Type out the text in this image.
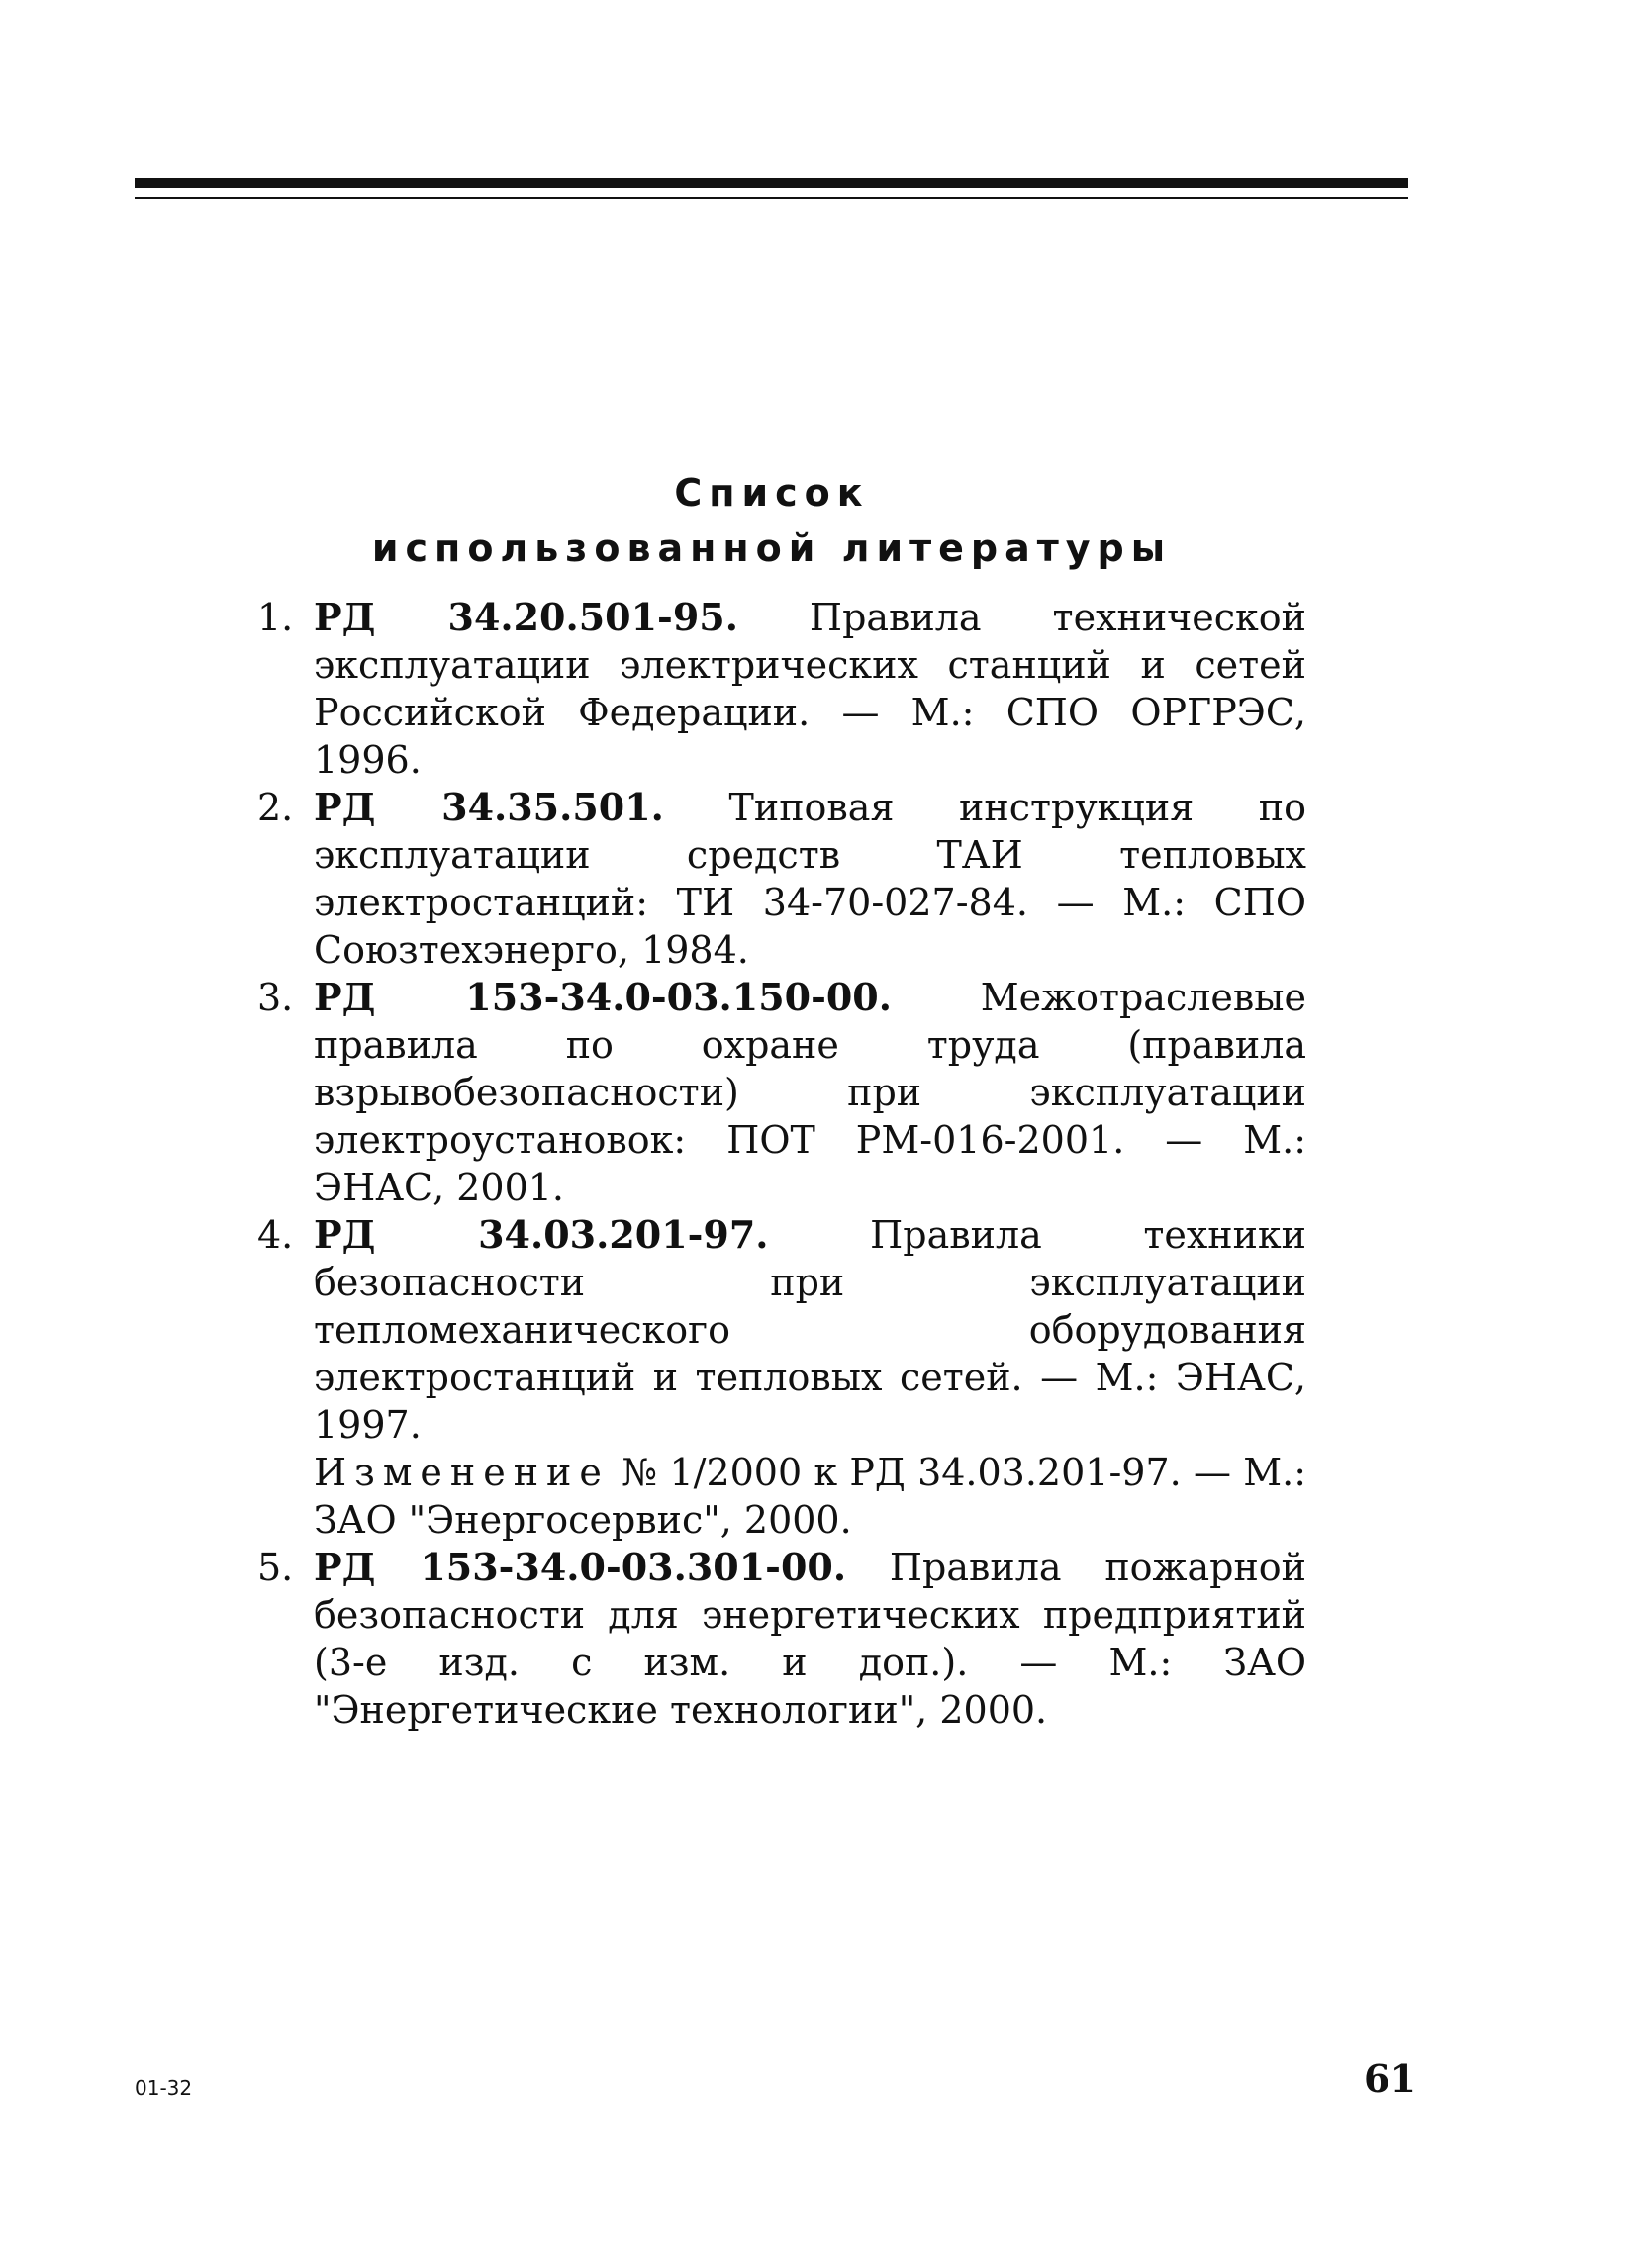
Список
использованной литературы
1. РД 34.20.501-95. Правила технической эксплуатации электрических станций и сетей Российской Федерации. — М.: СПО ОРГРЭС, 1996.
2. РД 34.35.501. Типовая инструкция по эксплуатации средств ТАИ тепловых электростанций: ТИ 34-70-027-84. — М.: СПО Союзтехэнерго, 1984.
3. РД 153-34.0-03.150-00. Межотраслевые правила по охране труда (правила взрывобезопасности) при эксплуатации электроустановок: ПОТ РМ-016-2001. — М.: ЭНАС, 2001.
4. РД 34.03.201-97. Правила техники безопасности при эксплуатации тепломеханического оборудования электростанций и тепловых сетей. — М.: ЭНАС, 1997.
Изменение № 1/2000 к РД 34.03.201-97. — М.: ЗАО "Энергосервис", 2000.
5. РД 153-34.0-03.301-00. Правила пожарной безопасности для энергетических предприятий (3-е изд. с изм. и доп.). — М.: ЗАО "Энергетические технологии", 2000.
01-32	61
